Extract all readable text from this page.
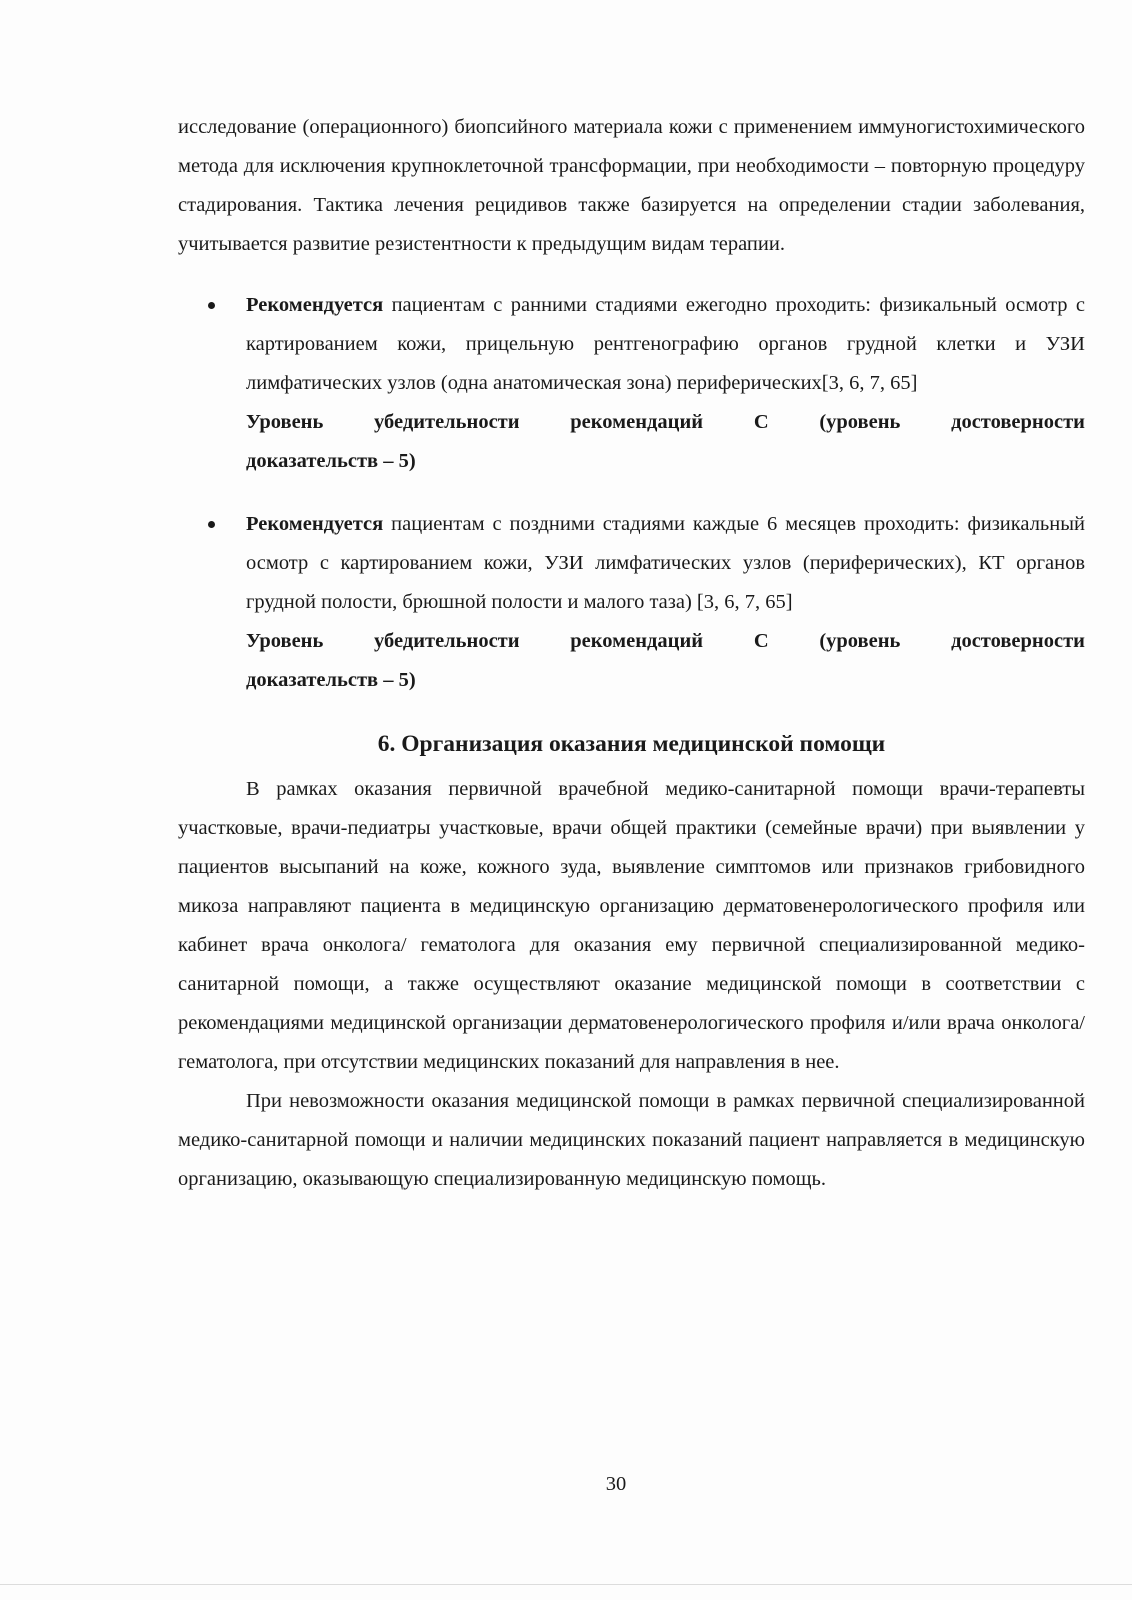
исследование (операционного) биопсийного материала кожи с применением иммуногистохимического метода для исключения крупноклеточной трансформации, при необходимости – повторную процедуру стадирования. Тактика лечения рецидивов также базируется на определении стадии заболевания, учитывается развитие резистентности к предыдущим видам терапии.

Рекомендуется пациентам с ранними стадиями ежегодно проходить: физикальный осмотр с картированием кожи, прицельную рентгенографию органов грудной клетки и УЗИ лимфатических узлов (одна анатомическая зона) периферических[3, 6, 7, 65]

Уровень убедительности рекомендаций С (уровень достоверности
доказательств – 5)

Рекомендуется пациентам с поздними стадиями каждые 6 месяцев проходить: физикальный осмотр с картированием кожи, УЗИ лимфатических узлов (периферических), КТ органов грудной полости, брюшной полости и малого таза) [3, 6, 7, 65]

Уровень убедительности рекомендаций С (уровень достоверности
доказательств – 5)
6. Организация оказания медицинской помощи

В рамках оказания первичной врачебной медико-санитарной помощи врачи-терапевты участковые, врачи-педиатры участковые, врачи общей практики (семейные врачи) при выявлении у пациентов высыпаний на коже, кожного зуда, выявление симптомов или признаков грибовидного микоза направляют пациента в медицинскую организацию дерматовенерологического профиля или кабинет врача онколога/ гематолога для оказания ему первичной специализированной медико-санитарной помощи, а также осуществляют оказание медицинской помощи в соответствии с рекомендациями медицинской организации дерматовенерологического профиля и/или врача онколога/ гематолога, при отсутствии медицинских показаний для направления в нее.

При невозможности оказания медицинской помощи в рамках первичной специализированной медико-санитарной помощи и наличии медицинских показаний пациент направляется в медицинскую организацию, оказывающую специализированную медицинскую помощь.

30
